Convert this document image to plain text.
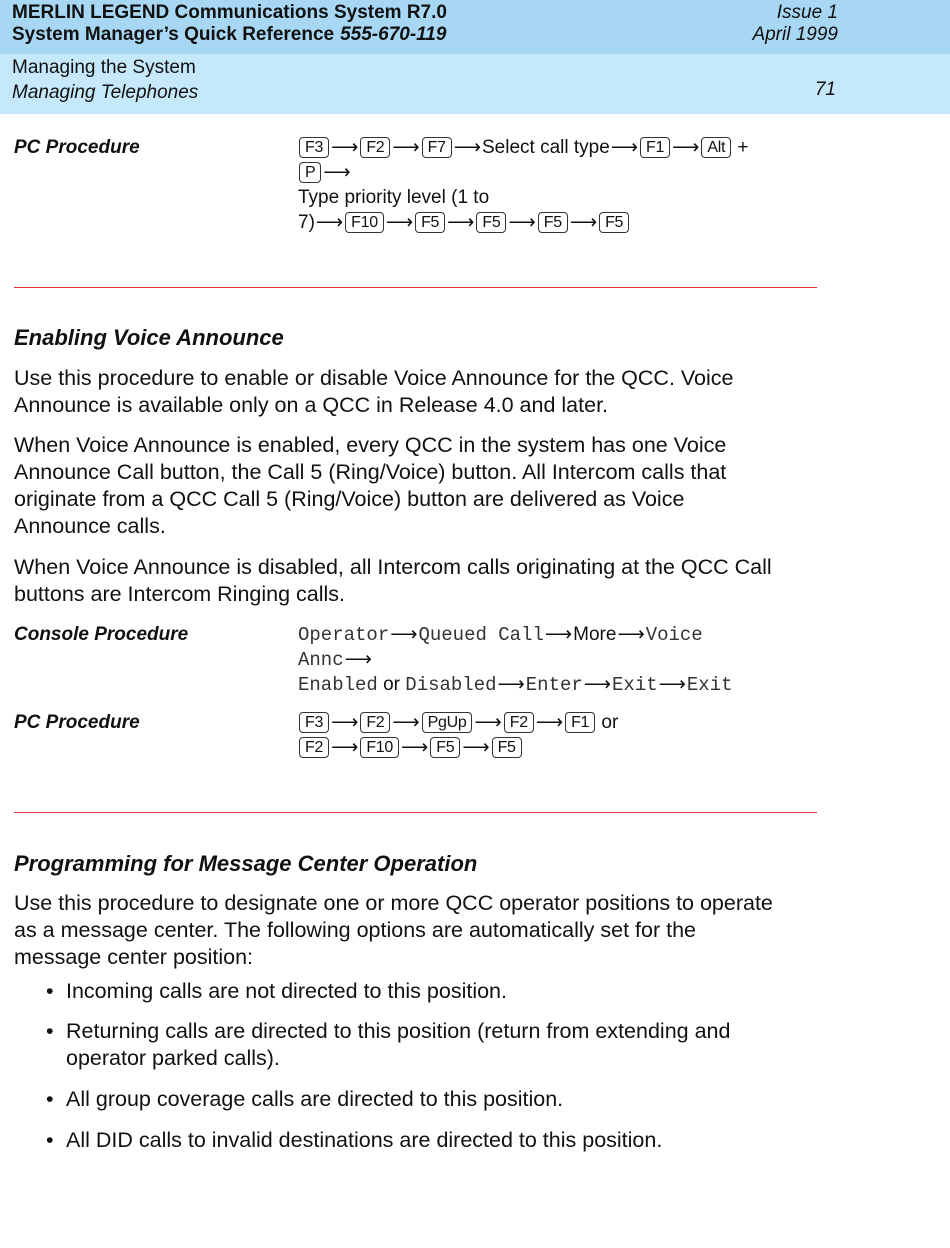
MERLIN LEGEND Communications System R7.0
System Manager’s Quick Reference 555-670-119
Issue 1
April 1999
Managing the System
Managing Telephones	71
PC Procedure	F3 ⟶ F2 ⟶ F7 ⟶Select call type⟶ F1 ⟶ Alt +
P ⟶
Type priority level (1 to
7)⟶ F10 ⟶ F5 ⟶ F5 ⟶ F5 ⟶ F5
Enabling Voice Announce
Use this procedure to enable or disable Voice Announce for the QCC. Voice
Announce is available only on a QCC in Release 4.0 and later.
When Voice Announce is enabled, every QCC in the system has one Voice
Announce Call button, the Call 5 (Ring/Voice) button. All Intercom calls that
originate from a QCC Call 5 (Ring/Voice) button are delivered as Voice
Announce calls.
When Voice Announce is disabled, all Intercom calls originating at the QCC Call
buttons are Intercom Ringing calls.
Console Procedure	Operator⟶Queued Call⟶More⟶Voice
Annc⟶
Enabled or Disabled⟶Enter⟶Exit⟶Exit
PC Procedure	F3 ⟶ F2 ⟶ PgUp ⟶ F2 ⟶ F1 or
F2 ⟶ F10 ⟶ F5 ⟶ F5
Programming for Message Center Operation
Use this procedure to designate one or more QCC operator positions to operate
as a message center. The following options are automatically set for the
message center position:
• Incoming calls are not directed to this position.
• Returning calls are directed to this position (return from extending and
operator parked calls).
• All group coverage calls are directed to this position.
• All DID calls to invalid destinations are directed to this position.
